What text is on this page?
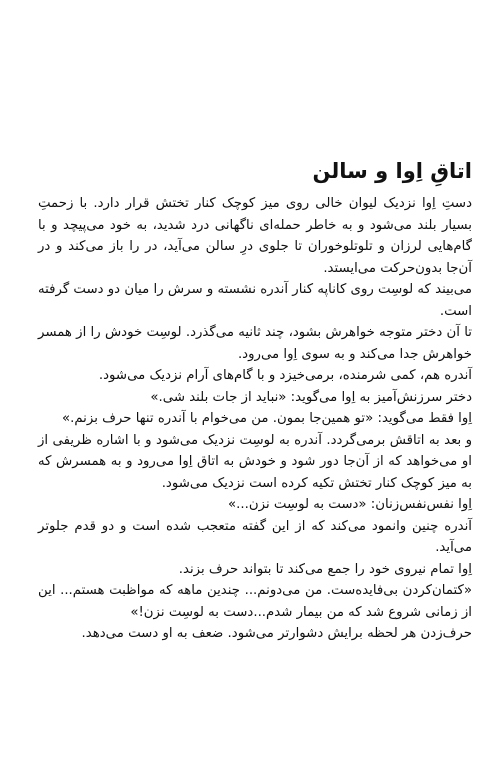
اتاقِ اِوا و سالن

دستِ اِوا نزدیک لیوان خالی روی میز کوچک کنار تختش قرار دارد. با زحمتِ بسیار بلند می‌شود و به خاطر حمله‌ای ناگهانی درد شدید، به خود می‌پیچد و با گام‌هایی لرزان و تلوتلوخوران تا جلوی درِ سالن می‌آید، در را باز می‌کند و در آن‌جا بدون‌حرکت می‌ایستد.

می‌بیند که لوسِت روی کاناپه کنار آندره نشسته و سرش را میان دو دست گرفته است.

تا آن دختر متوجه خواهرش بشود، چند ثانیه می‌گذرد. لوسِت خودش را از همسر خواهرش جدا می‌کند و به سوی اِوا می‌رود.

آندره هم، کمی شرمنده، برمی‌خیزد و با گام‌های آرام نزدیک می‌شود.

دختر سرزنش‌آمیز به اِوا می‌گوید: «نباید از جات بلند شی.»

اِوا فقط می‌گوید: «تو همین‌جا بمون. من می‌خوام با آندره تنها حرف بزنم.»

و بعد به اتاقش برمی‌گردد. آندره به لوسِت نزدیک می‌شود و با اشاره ظریفی از او می‌خواهد که از آن‌جا دور شود و خودش به اتاق اِوا می‌رود و به همسرش که به میز کوچک کنار تختش تکیه کرده است نزدیک می‌شود.

اِوا نفس‌نفس‌زنان: «دست به لوسِت نزن...»

آندره چنین وانمود می‌کند که از این گفته متعجب شده است و دو قدم جلوتر می‌آید.

اِوا تمام نیروی خود را جمع می‌کند تا بتواند حرف بزند.

«کتمان‌کردن بی‌فایده‌ست. من می‌دونم... چندین ماهه که مواظبت هستم... این از زمانی شروع شد که من بیمار شدم...دست به لوسِت نزن!»

حرف‌زدن هر لحظه برایش دشوارتر می‌شود. ضعف به او دست می‌دهد.
